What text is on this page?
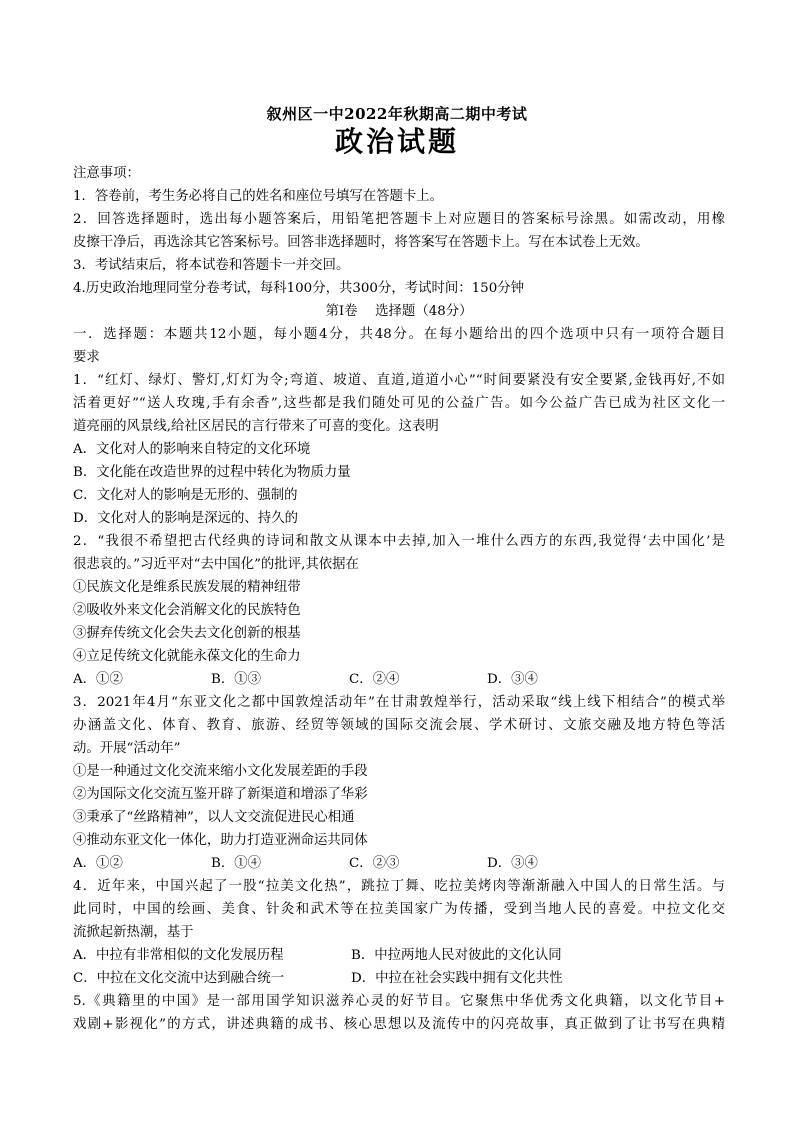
叙州区一中2022年秋期高二期中考试
政治试题
注意事项：
1．答卷前，考生务必将自己的姓名和座位号填写在答题卡上。
2．回答选择题时，选出每小题答案后，用铅笔把答题卡上对应题目的答案标号涂黑。如需改动，用橡
皮擦干净后，再选涂其它答案标号。回答非选择题时，将答案写在答题卡上。写在本试卷上无效。
3．考试结束后，将本试卷和答题卡一并交回。
4.历史政治地理同堂分卷考试，每科100分，共300分，考试时间：150分钟
第I卷　 选择题（48分）
一．选择题：本题共12小题，每小题4分，共48分。在每小题给出的四个选项中只有一项符合题目
要求
1．“红灯、绿灯、警灯,灯灯为令;弯道、坡道、直道,道道小心”“时间要紧没有安全要紧,金钱再好,不如
活着更好”“送人玫瑰,手有余香”,这些都是我们随处可见的公益广告。如今公益广告已成为社区文化一
道亮丽的风景线,给社区居民的言行带来了可喜的变化。这表明
A．文化对人的影响来自特定的文化环境
B．文化能在改造世界的过程中转化为物质力量
C．文化对人的影响是无形的、强制的
D．文化对人的影响是深远的、持久的
2．“我很不希望把古代经典的诗词和散文从课本中去掉,加入一堆什么西方的东西,我觉得‘去中国化’是
很悲哀的。”习近平对“去中国化”的批评,其依据在
①民族文化是维系民族发展的精神纽带
②吸收外来文化会消解文化的民族特色
③摒弃传统文化会失去文化创新的根基
④立足传统文化就能永葆文化的生命力
A．①②	B．①③	C．②④	D．③④
3．2021年4月“东亚文化之都中国敦煌活动年”在甘肃敦煌举行，活动采取“线上线下相结合”的模式举
办涵盖文化、体育、教育、旅游、经贸等领域的国际交流会展、学术研讨、文旅交融及地方特色等活
动。开展“活动年”
①是一种通过文化交流来缩小文化发展差距的手段
②为国际文化交流互鉴开辟了新渠道和增添了华彩
③秉承了“丝路精神”，以人文交流促进民心相通
④推动东亚文化一体化，助力打造亚洲命运共同体
A．①②	B．①④	C．②③	D．③④
4．近年来，中国兴起了一股“拉美文化热”，跳拉丁舞、吃拉美烤肉等渐渐融入中国人的日常生活。与
此同时，中国的绘画、美食、针灸和武术等在拉美国家广为传播，受到当地人民的喜爱。中拉文化交
流掀起新热潮，基于
A．中拉有非常相似的文化发展历程	B．中拉两地人民对彼此的文化认同
C．中拉在文化交流中达到融合统一	D．中拉在社会实践中拥有文化共性
5.《典籍里的中国》是一部用国学知识滋养心灵的好节目。它聚焦中华优秀文化典籍，以文化节目+
戏剧+影视化”的方式，讲述典籍的成书、核心思想以及流传中的闪亮故事，真正做到了让书写在典精
